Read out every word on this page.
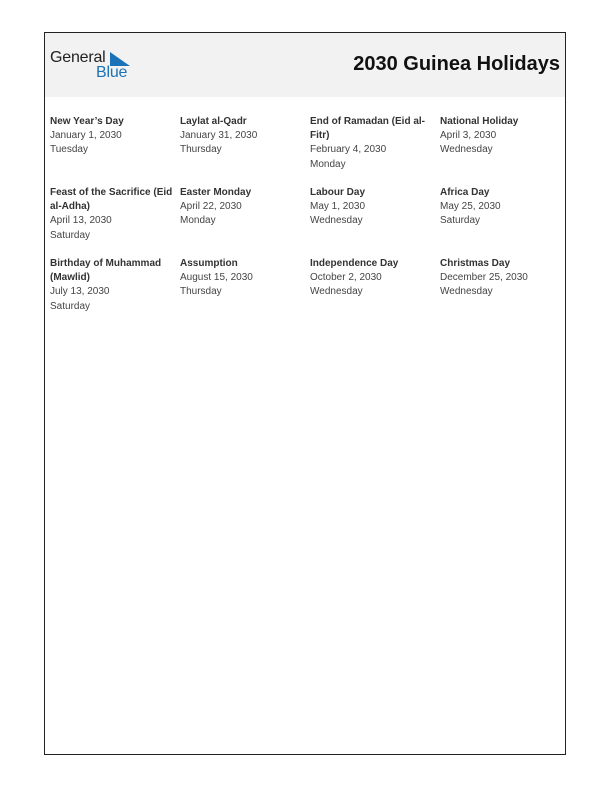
General
Blue	2030 Guinea Holidays
New Year’s Day
January 1, 2030
Tuesday
Laylat al-Qadr
January 31, 2030
Thursday
End of Ramadan (Eid al-Fitr)
February 4, 2030
Monday
National Holiday
April 3, 2030
Wednesday
Feast of the Sacrifice (Eid al-Adha)
April 13, 2030
Saturday
Easter Monday
April 22, 2030
Monday
Labour Day
May 1, 2030
Wednesday
Africa Day
May 25, 2030
Saturday
Birthday of Muhammad (Mawlid)
July 13, 2030
Saturday
Assumption
August 15, 2030
Thursday
Independence Day
October 2, 2030
Wednesday
Christmas Day
December 25, 2030
Wednesday
